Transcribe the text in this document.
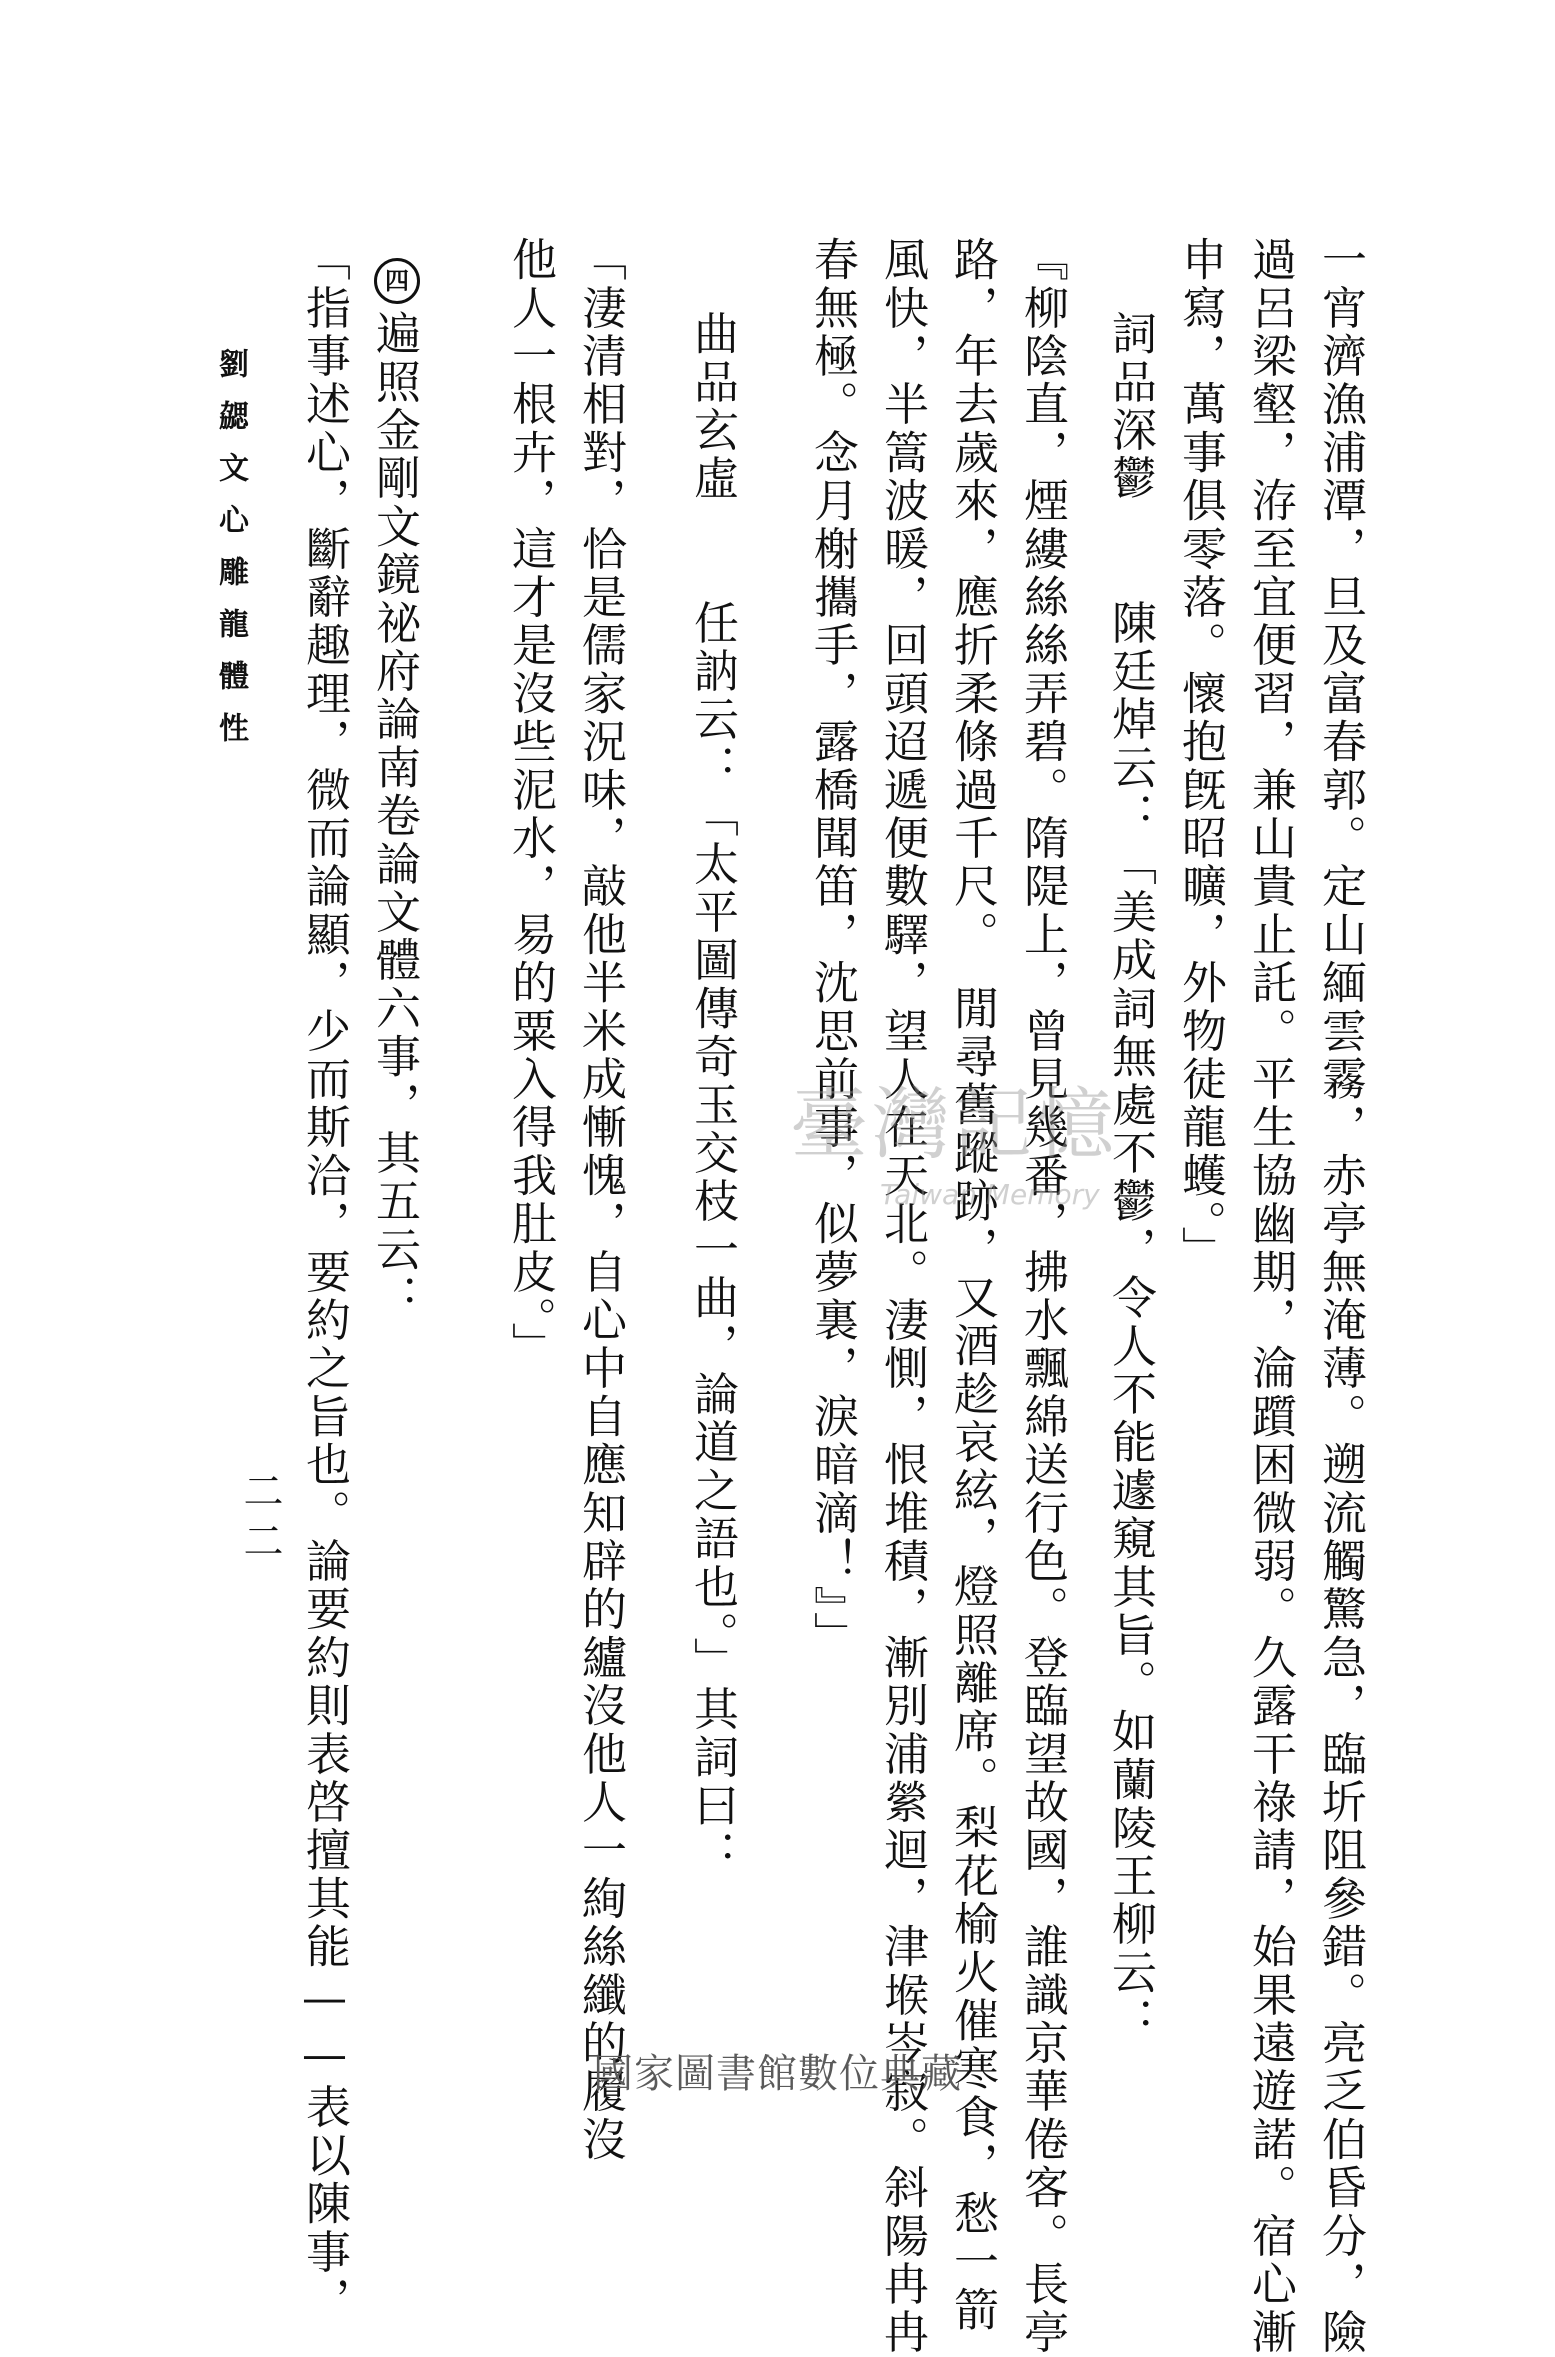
劉勰文心雕龍體性
二二	一宵濟漁浦潭，旦及富春郭。定山緬雲霧，赤亭無淹薄。遡流觸驚急，臨圻阻參錯。亮乏伯昏分，險
過呂梁壑，洊至宜便習，兼山貴止託。平生協幽期，淪躓困微弱。久露干祿請，始果遠遊諾。宿心漸
申寫，萬事俱零落。懷抱旣昭曠，外物徒龍蠖。」
詞品深鬱　　陳廷焯云：「美成詞無處不鬱，令人不能遽窺其旨。如蘭陵王柳云：
『柳陰直，煙縷絲絲弄碧。隋隄上，曾見幾番，拂水飄綿送行色。登臨望故國，誰識京華倦客。長亭
路，年去歲來，應折柔條過千尺。　閒尋舊蹤跡，又酒趁哀絃，燈照離席。梨花榆火催寒食，愁一箭
風快，半篙波暖，回頭迢遞便數驛，望人在天北。淒惻，恨堆積，漸別浦縈迴，津堠岑寂。斜陽冉冉
春無極。念月榭攜手，露橋聞笛，沈思前事，似夢裏，淚暗滴！』」
曲品玄虛　　任訥云：「太平圖傳奇玉交枝一曲，論道之語也。」其詞曰：
「淒清相對，恰是儒家況味，敲他半米成慚愧，自心中自應知辟的纑沒他人一絢絲纖的履沒
他人一根卉，這才是沒些泥水，易的粟入得我肚皮。」
四
遍照金剛文鏡祕府論南卷論文體六事，其五云：
「指事述心，斷辭趣理，微而論顯，少而斯洽，要約之旨也。論要約則表啓擅其能——表以陳事，	臺灣記憶
Taiwan Memory
國家圖書館數位典藏
